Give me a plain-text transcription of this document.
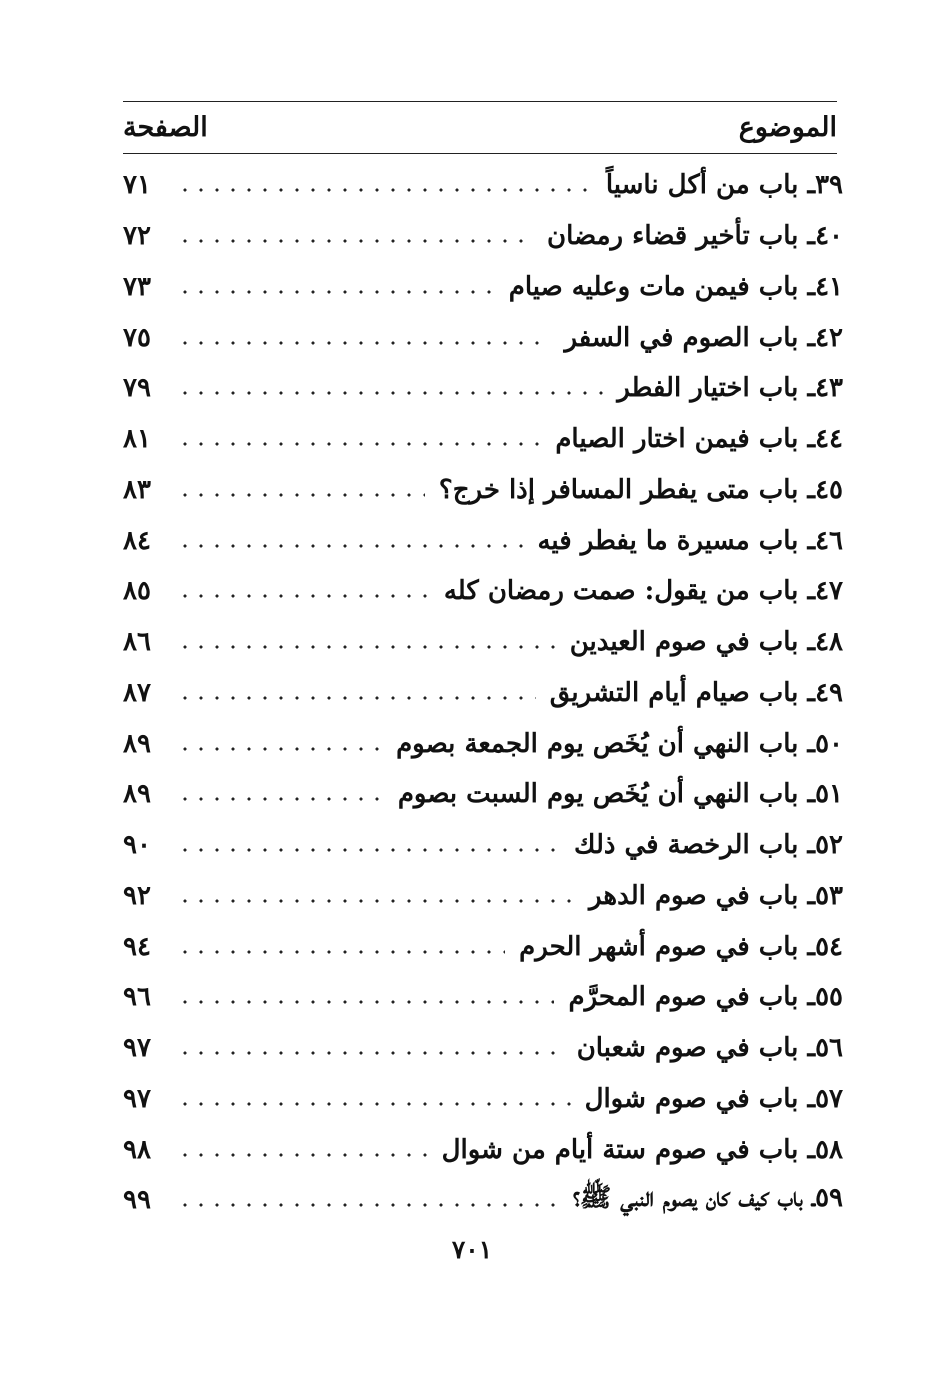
الموضوع
الصفحة
٣٩ـ باب من أكل ناسياً
٧١
٤٠ـ باب تأخير قضاء رمضان
٧٢
٤١ـ باب فيمن مات وعليه صيام
٧٣
٤٢ـ باب الصوم في السفر
٧٥
٤٣ـ باب اختيار الفطر
٧٩
٤٤ـ باب فيمن اختار الصيام
٨١
٤٥ـ باب متى يفطر المسافر إذا خرج؟
٨٣
٤٦ـ باب مسيرة ما يفطر فيه
٨٤
٤٧ـ باب من يقول: صمت رمضان كله
٨٥
٤٨ـ باب في صوم العيدين
٨٦
٤٩ـ باب صيام أيام التشريق
٨٧
٥٠ـ باب النهي أن يُخَص يوم الجمعة بصوم
٨٩
٥١ـ باب النهي أن يُخَص يوم السبت بصوم
٨٩
٥٢ـ باب الرخصة في ذلك
٩٠
٥٣ـ باب في صوم الدهر
٩٢
٥٤ـ باب في صوم أشهر الحرم
٩٤
٥٥ـ باب في صوم المحرَّم
٩٦
٥٦ـ باب في صوم شعبان
٩٧
٥٧ـ باب في صوم شوال
٩٧
٥٨ـ باب في صوم ستة أيام من شوال
٩٨
٥٩ـ باب كيف كان يصوم النبي ﷺ؟
٩٩
٧٠١
